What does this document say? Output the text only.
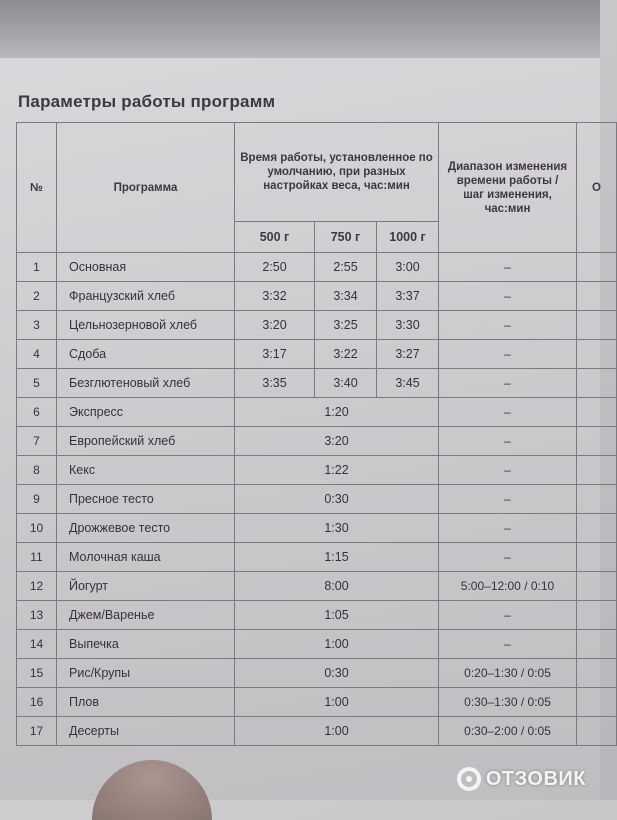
Параметры работы программ
№	Программа	Время работы, установленное по умолчанию, при разных настройках веса, час:мин			Диапазон изменения времени работы / шаг изменения, час:мин	О
		500 г	750 г	1000 г		
1	Основная	2:50	2:55	3:00	–	
2	Французский хлеб	3:32	3:34	3:37	–	
3	Цельнозерновой хлеб	3:20	3:25	3:30	–	
4	Сдоба	3:17	3:22	3:27	–	
5	Безглютеновый хлеб	3:35	3:40	3:45	–	
6	Экспресс	1:20			–	
7	Европейский хлеб	3:20			–	
8	Кекс	1:22			–	
9	Пресное тесто	0:30			–	
10	Дрожжевое тесто	1:30			–	
11	Молочная каша	1:15			–	
12	Йогурт	8:00			5:00–12:00 / 0:10	
13	Джем/Варенье	1:05			–	
14	Выпечка	1:00			–	
15	Рис/Крупы	0:30			0:20–1:30 / 0:05	
16	Плов	1:00			0:30–1:30 / 0:05	
17	Десерты	1:00			0:30–2:00 / 0:05	
ОТЗОВИК
